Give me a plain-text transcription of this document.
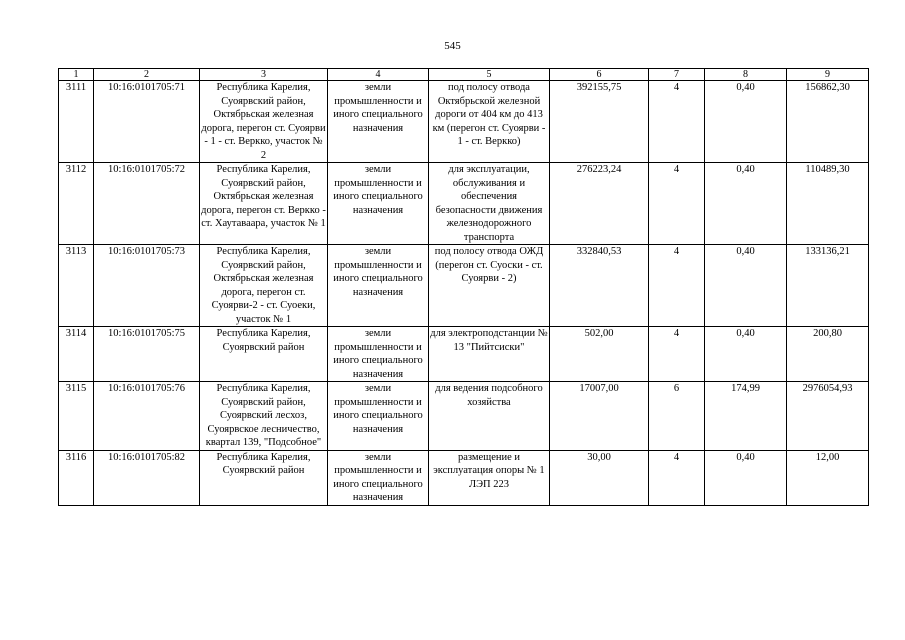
545
1	2	3	4	5	6	7	8	9
3111	10:16:0101705:71	Республика Карелия, Суоярвский район, Октябрьская железная дорога, перегон ст. Суоярви - 1 - ст. Веркко, участок № 2	земли промышленности и иного специального назначения	под полосу отвода Октябрьской железной дороги от 404 км до 413 км (перегон ст. Суоярви - 1 - ст. Веркко)	392155,75	4	0,40	156862,30
3112	10:16:0101705:72	Республика Карелия, Суоярвский район, Октябрьская железная дорога, перегон ст. Веркко - ст. Хаутаваара, участок № 1	земли промышленности и иного специального назначения	для эксплуатации, обслуживания и обеспечения безопасности движения железнодорожного транспорта	276223,24	4	0,40	110489,30
3113	10:16:0101705:73	Республика Карелия, Суоярвский район, Октябрьская железная дорога, перегон ст. Суоярви-2 - ст. Суоеки, участок № 1	земли промышленности и иного специального назначения	под полосу отвода ОЖД (перегон ст. Суоски - ст. Суоярви - 2)	332840,53	4	0,40	133136,21
3114	10:16:0101705:75	Республика Карелия, Суоярвский район	земли промышленности и иного специального назначения	для электроподстанции № 13 "Пийтсиски"	502,00	4	0,40	200,80
3115	10:16:0101705:76	Республика Карелия, Суоярвский район, Суоярвский лесхоз, Суоярвское лесничество, квартал 139, "Подсобное"	земли промышленности и иного специального назначения	для ведения подсобного хозяйства	17007,00	6	174,99	2976054,93
3116	10:16:0101705:82	Республика Карелия, Суоярвский район	земли промышленности и иного специального назначения	размещение и эксплуатация опоры № 1 ЛЭП 223	30,00	4	0,40	12,00
